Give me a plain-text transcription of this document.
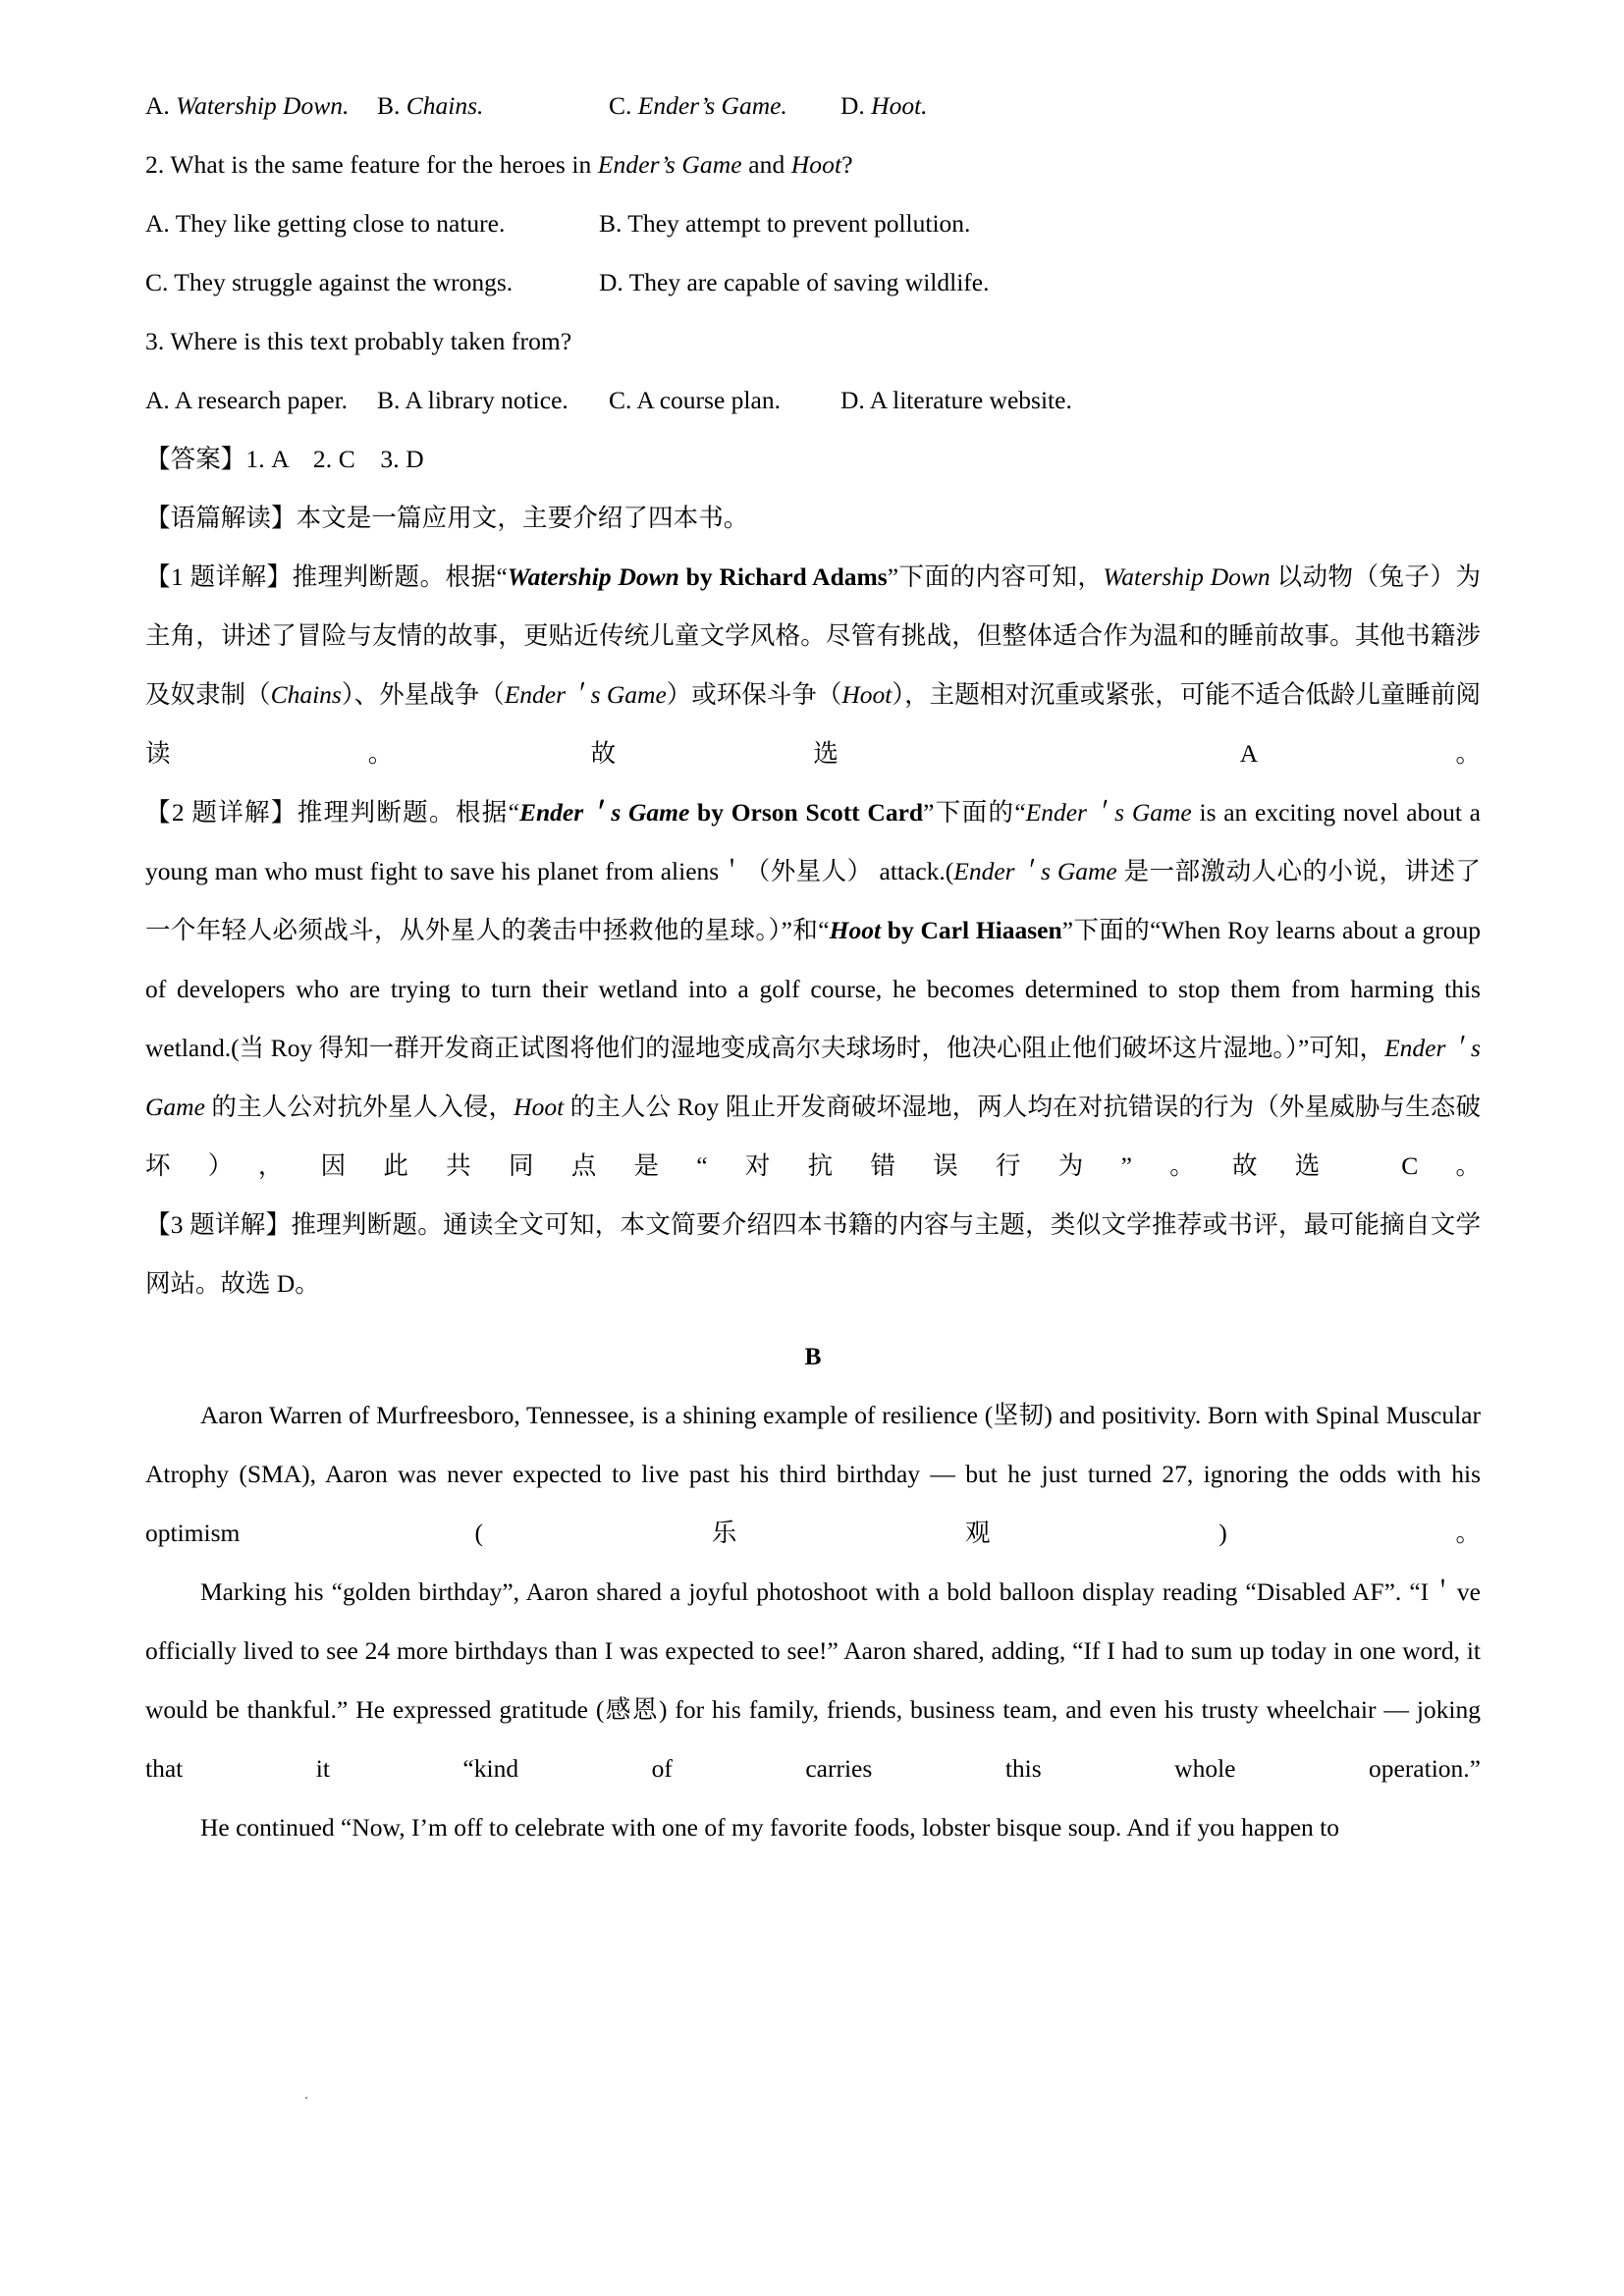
A. Watership Down.	B. Chains.	C. Ender’s Game.	D. Hoot.
2. What is the same feature for the heroes in Ender’s Game and Hoot?
A. They like getting close to nature.	B. They attempt to prevent pollution.
C. They struggle against the wrongs.	D. They are capable of saving wildlife.
3. Where is this text probably taken from?
A. A research paper.	B. A library notice.	C. A course plan.	D. A literature website.
【答案】1. A　2. C　3. D
【语篇解读】本文是一篇应用文，主要介绍了四本书。

【1 题详解】推理判断题。根据“Watership Down by Richard Adams”下面的内容可知，Watership Down 以动物（兔子）为主角，讲述了冒险与友情的故事，更贴近传统儿童文学风格。尽管有挑战，但整体适合作为温和的睡前故事。其他书籍涉及奴隶制（Chains）、外星战争（Ender＇s Game）或环保斗争（Hoot），主题相对沉重或紧张，可能不适合低龄儿童睡前阅读。故选 A。

【2 题详解】推理判断题。根据“Ender＇s Game by Orson Scott Card”下面的“Ender＇s Game is an exciting novel about a young man who must fight to save his planet from aliens＇（外星人） attack.(Ender＇s Game 是一部激动人心的小说，讲述了一个年轻人必须战斗，从外星人的袭击中拯救他的星球。）”和“Hoot by Carl Hiaasen”下面的“When Roy learns about a group of developers who are trying to turn their wetland into a golf course, he becomes determined to stop them from harming this wetland.(当 Roy 得知一群开发商正试图将他们的湿地变成高尔夫球场时，他决心阻止他们破坏这片湿地。）”可知，Ender＇s Game 的主人公对抗外星人入侵，Hoot 的主人公 Roy 阻止开发商破坏湿地，两人均在对抗错误的行为（外星威胁与生态破坏），因此共同点是“对抗错误行为”。故选 C。

【3 题详解】推理判断题。通读全文可知，本文简要介绍四本书籍的内容与主题，类似文学推荐或书评，最可能摘自文学网站。故选 D。

B

Aaron Warren of Murfreesboro, Tennessee, is a shining example of resilience (坚韧) and positivity. Born with Spinal Muscular Atrophy (SMA), Aaron was never expected to live past his third birthday — but he just turned 27, ignoring the odds with his optimism (乐观)。

Marking his “golden birthday”, Aaron shared a joyful photoshoot with a bold balloon display reading “Disabled AF”. “I＇ve officially lived to see 24 more birthdays than I was expected to see!” Aaron shared, adding, “If I had to sum up today in one word, it would be thankful.” He expressed gratitude (感恩) for his family, friends, business team, and even his trusty wheelchair — joking that it “kind of carries this whole operation.”

He continued “Now, I’m off to celebrate with one of my favorite foods, lobster bisque soup. And if you happen to

.
